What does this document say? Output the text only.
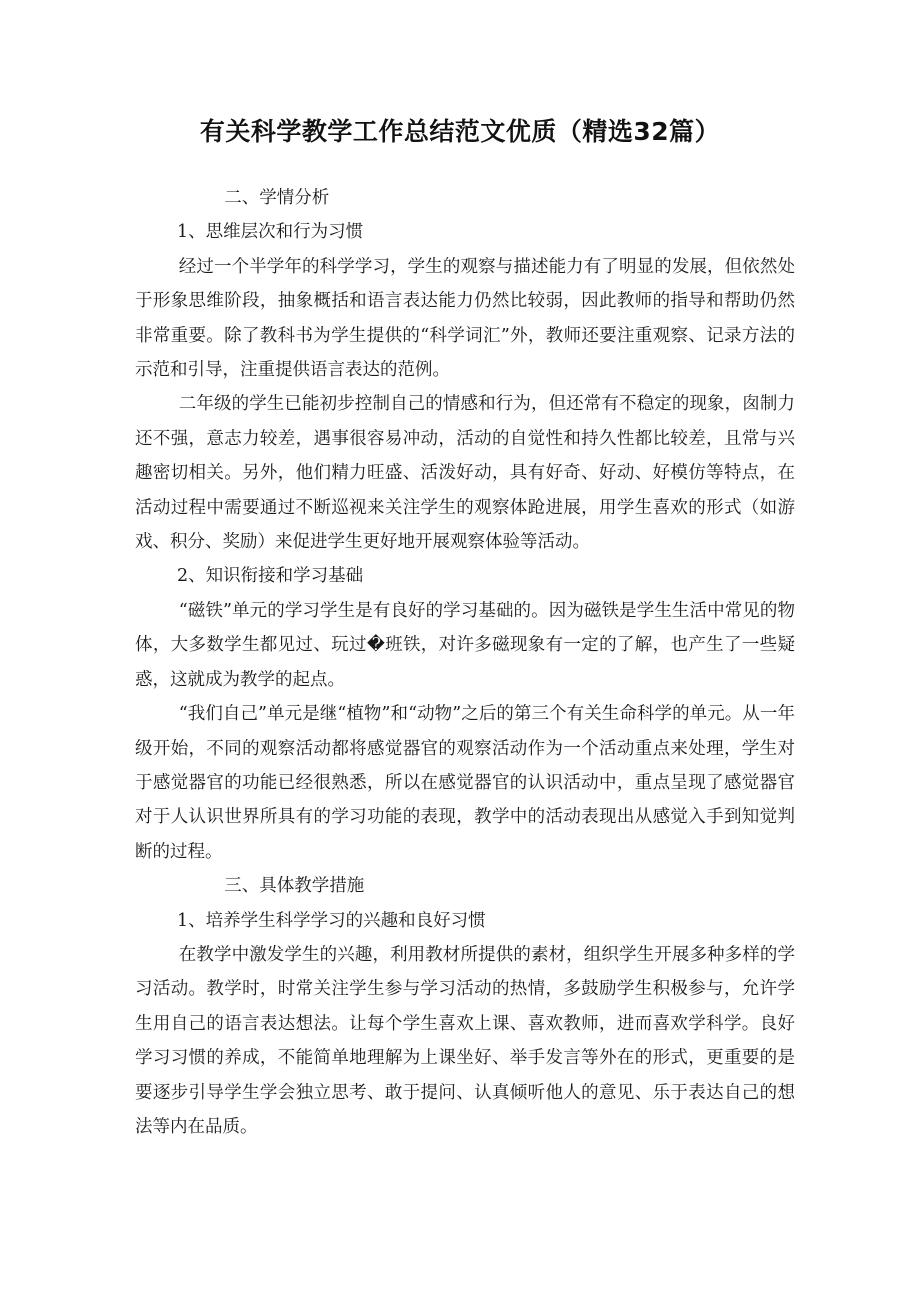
有关科学教学工作总结范文优质（精选32篇）

二、学情分析

1、思维层次和行为习惯

经过一个半学年的科学学习，学生的观察与描述能力有了明显的发展，但依然处于形象思维阶段，抽象概括和语言表达能力仍然比较弱，因此教师的指导和帮助仍然非常重要。除了教科书为学生提供的“科学词汇”外，教师还要注重观察、记录方法的示范和引导，注重提供语言表达的范例。

二年级的学生已能初步控制自己的情感和行为，但还常有不稳定的现象，囱制力还不强，意志力较差，遇事很容易冲动，活动的自觉性和持久性都比较差，且常与兴趣密切相关。另外，他们精力旺盛、活泼好动，具有好奇、好动、好模仿等特点，在活动过程中需要通过不断巡视来关注学生的观察体跄进展，用学生喜欢的形式（如游戏、积分、奖励）来促进学生更好地开展观察体验等活动。

2、知识衔接和学习基础

“磁铁”单元的学习学生是有良好的学习基础的。因为磁铁是学生生活中常见的物体，大多数学生都见过、玩过�班铁，对许多磁现象有一定的了解，也产生了一些疑惑，这就成为教学的起点。

“我们自己”单元是继“植物”和“动物”之后的第三个有关生命科学的单元。从一年级开始，不同的观察活动都将感觉器官的观察活动作为一个活动重点来处理，学生对于感觉器官的功能已经很熟悉，所以在感觉器官的认识活动中，重点呈现了感觉器官对于人认识世界所具有的学习功能的表现，教学中的活动表现出从感觉入手到知觉判断的过程。

三、具体教学措施

1、培养学生科学学习的兴趣和良好习惯

在教学中激发学生的兴趣，利用教材所提供的素材，组织学生开展多种多样的学习活动。教学时，时常关注学生参与学习活动的热情，多鼓励学生积极参与，允许学生用自己的语言表达想法。让每个学生喜欢上课、喜欢教师，进而喜欢学科学。良好学习习惯的养成，不能简单地理解为上课坐好、举手发言等外在的形式，更重要的是要逐步引导学生学会独立思考、敢于提问、认真倾听他人的意见、乐于表达自己的想法等内在品质。
